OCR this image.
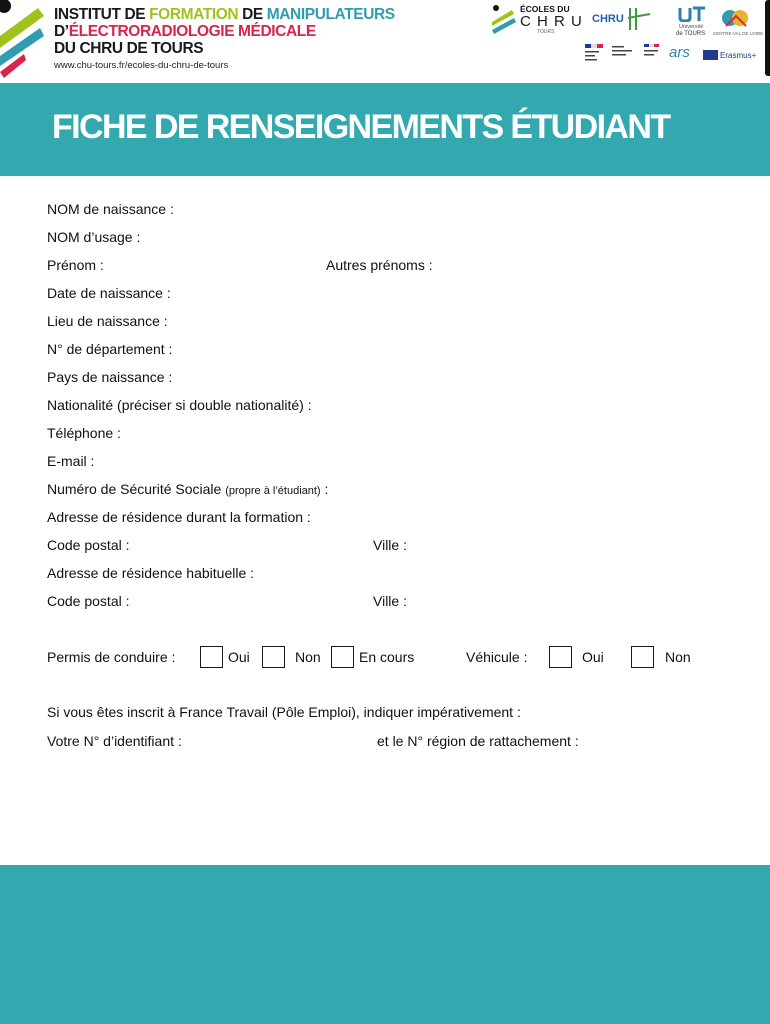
INSTITUT DE FORMATION DE MANIPULATEURS
D’ÉLECTRORADIOLOGIE MÉDICALE
DU CHRU DE TOURS
www.chu-tours.fr/ecoles-du-chru-de-tours
ÉCOLES DU
C H R U
TOURS
CHRU
Université
de TOURS CENTRE-VAL DE LOIRE
ars	Erasmus+
FICHE DE RENSEIGNEMENTS ÉTUDIANT
NOM de naissance :
NOM d’usage :
Prénom :	Autres prénoms :
Date de naissance :
Lieu de naissance :
N° de département :
Pays de naissance :
Nationalité (préciser si double nationalité) :
Téléphone :
E-mail :
Numéro de Sécurité Sociale (propre à l’étudiant) :
Adresse de résidence durant la formation :
Code postal :	Ville :
Adresse de résidence habituelle :
Code postal :	Ville :
Permis de conduire :	Oui	Non	En cours	Véhicule :	Oui	Non
Si vous êtes inscrit à France Travail (Pôle Emploi), indiquer impérativement :
Votre N° d’identifiant :	et le N° région de rattachement :
